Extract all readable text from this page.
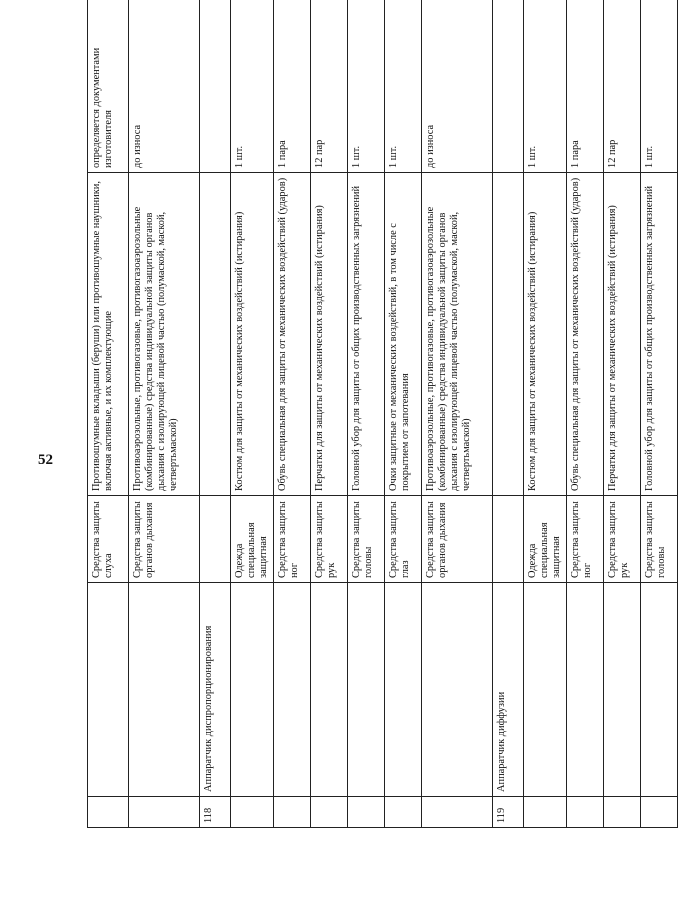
52
		Средства защиты слуха	Противошумные вкладыши (беруши) или противошумные наушники, включая активные, и их комплектующие	определяется документами изготовителя
		Средства защиты органов дыхания	Противоаэрозольные, противогазовые, противогазоаэрозольные (комбинированные) средства индивидуальной защиты органов дыхания с изолирующей лицевой частью (полумаской, маской, четвертьмаской)	до износа
118	Аппаратчик диспропорционирования			
		Одежда специальная защитная	Костюм для защиты от механических воздействий (истирания)	1 шт.
		Средства защиты ног	Обувь специальная для защиты от механических воздействий (ударов)	1 пара
		Средства защиты рук	Перчатки для защиты от механических воздействий (истирания)	12 пар
		Средства защиты головы	Головной убор для защиты от общих производственных загрязнений	1 шт.
		Средства защиты глаз	Очки защитные от механических воздействий, в том числе с покрытием от запотевания	1 шт.
		Средства защиты органов дыхания	Противоаэрозольные, противогазовые, противогазоаэрозольные (комбинированные) средства индивидуальной защиты органов дыхания с изолирующей лицевой частью (полумаской, маской, четвертьмаской)	до износа
119	Аппаратчик диффузии			
		Одежда специальная защитная	Костюм для защиты от механических воздействий (истирания)	1 шт.
		Средства защиты ног	Обувь специальная для защиты от механических воздействий (ударов)	1 пара
		Средства защиты рук	Перчатки для защиты от механических воздействий (истирания)	12 пар
		Средства защиты головы	Головной убор для защиты от общих производственных загрязнений	1 шт.
